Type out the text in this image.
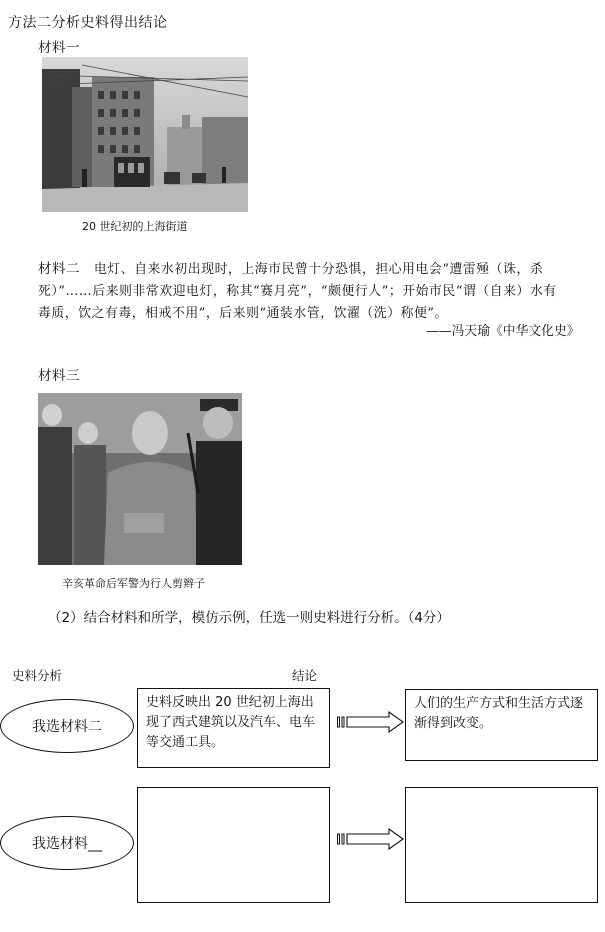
方法二分析史料得出结论
材料一
20 世纪初的上海街道
材料二 电灯、自来水初出现时，上海市民曾十分恐惧，担心用电会“遭雷殛（诛，杀死）”……后来则非常欢迎电灯，称其“赛月亮”，“颇便行人”；开始市民“谓（自来）水有毒质，饮之有毒，相戒不用”，后来则“通装水管，饮濯（洗）称便”。
——冯天瑜《中华文化史》
材料三
辛亥革命后军警为行人剪辫子
（2）结合材料和所学，模仿示例，任选一则史料进行分析。（4分）
史料分析	结论
我选材料二
史料反映出 20 世纪初上海出现了西式建筑以及汽车、电车等交通工具。
人们的生产方式和生活方式逐渐得到改变。
我选材料__
